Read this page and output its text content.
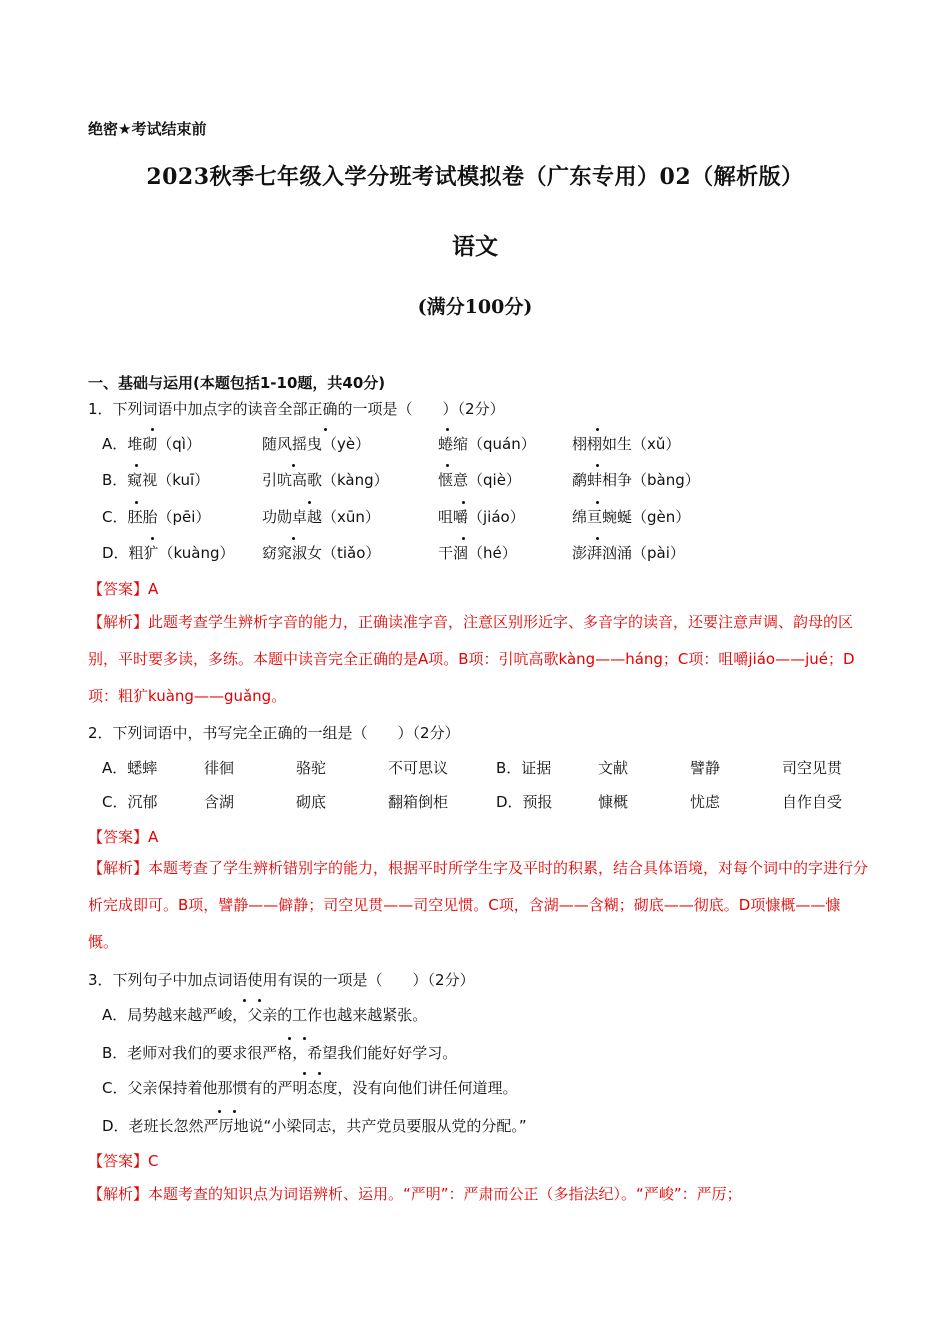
绝密★考试结束前
2023秋季七年级入学分班考试模拟卷（广东专用）02（解析版）
语文
(满分100分)
一、基础与运用(本题包括1-10题，共40分)
1．下列词语中加点字的读音全部正确的一项是（　　）（2分）
A．堆砌（qì）	随风摇曳（yè）	蜷缩（quán） 栩栩如生（xǔ）
B．窥视（kuī）	引吭高歌（kàng）	惬意（qiè）	鹬蚌相争（bàng）
C．胚胎（pēi）	功勋卓越（xūn）	咀嚼（jiáo）	绵亘蜿蜒（gèn）
D．粗犷（kuàng） 窈窕淑女（tiǎo）	干涸（hé）	澎湃汹涌（pài）
【答案】A
【解析】此题考查学生辨析字音的能力，正确读准字音，注意区别形近字、多音字的读音，还要注意声调、韵母的区别，平时要多读，多练。本题中读音完全正确的是A项。B项：引吭高歌kàng——háng；C项：咀嚼jiáo——jué；D项：粗犷kuàng——guǎng。
2．下列词语中，书写完全正确的一组是（　　）（2分）
A．蟋蟀	徘徊	骆驼	不可思议	B．证据	文献	譬静	司空见贯
C．沉郁	含湖	砌底	翻箱倒柜	D．预报	慷概	忧虑	自作自受
【答案】A
【解析】本题考查了学生辨析错别字的能力，根据平时所学生字及平时的积累，结合具体语境，对每个词中的字进行分析完成即可。B项，譬静——僻静；司空见贯——司空见惯。C项，含湖——含糊；砌底——彻底。D项慷概——慷慨。
3．下列句子中加点词语使用有误的一项是（　　）（2分）
A．局势越来越严峻，父亲的工作也越来越紧张。
B．老师对我们的要求很严格，希望我们能好好学习。
C．父亲保持着他那惯有的严明态度，没有向他们讲任何道理。
D．老班长忽然严厉地说“小梁同志，共产党员要服从党的分配。”
【答案】C
【解析】本题考查的知识点为词语辨析、运用。“严明”：严肃而公正（多指法纪）。“严峻”：严厉；
